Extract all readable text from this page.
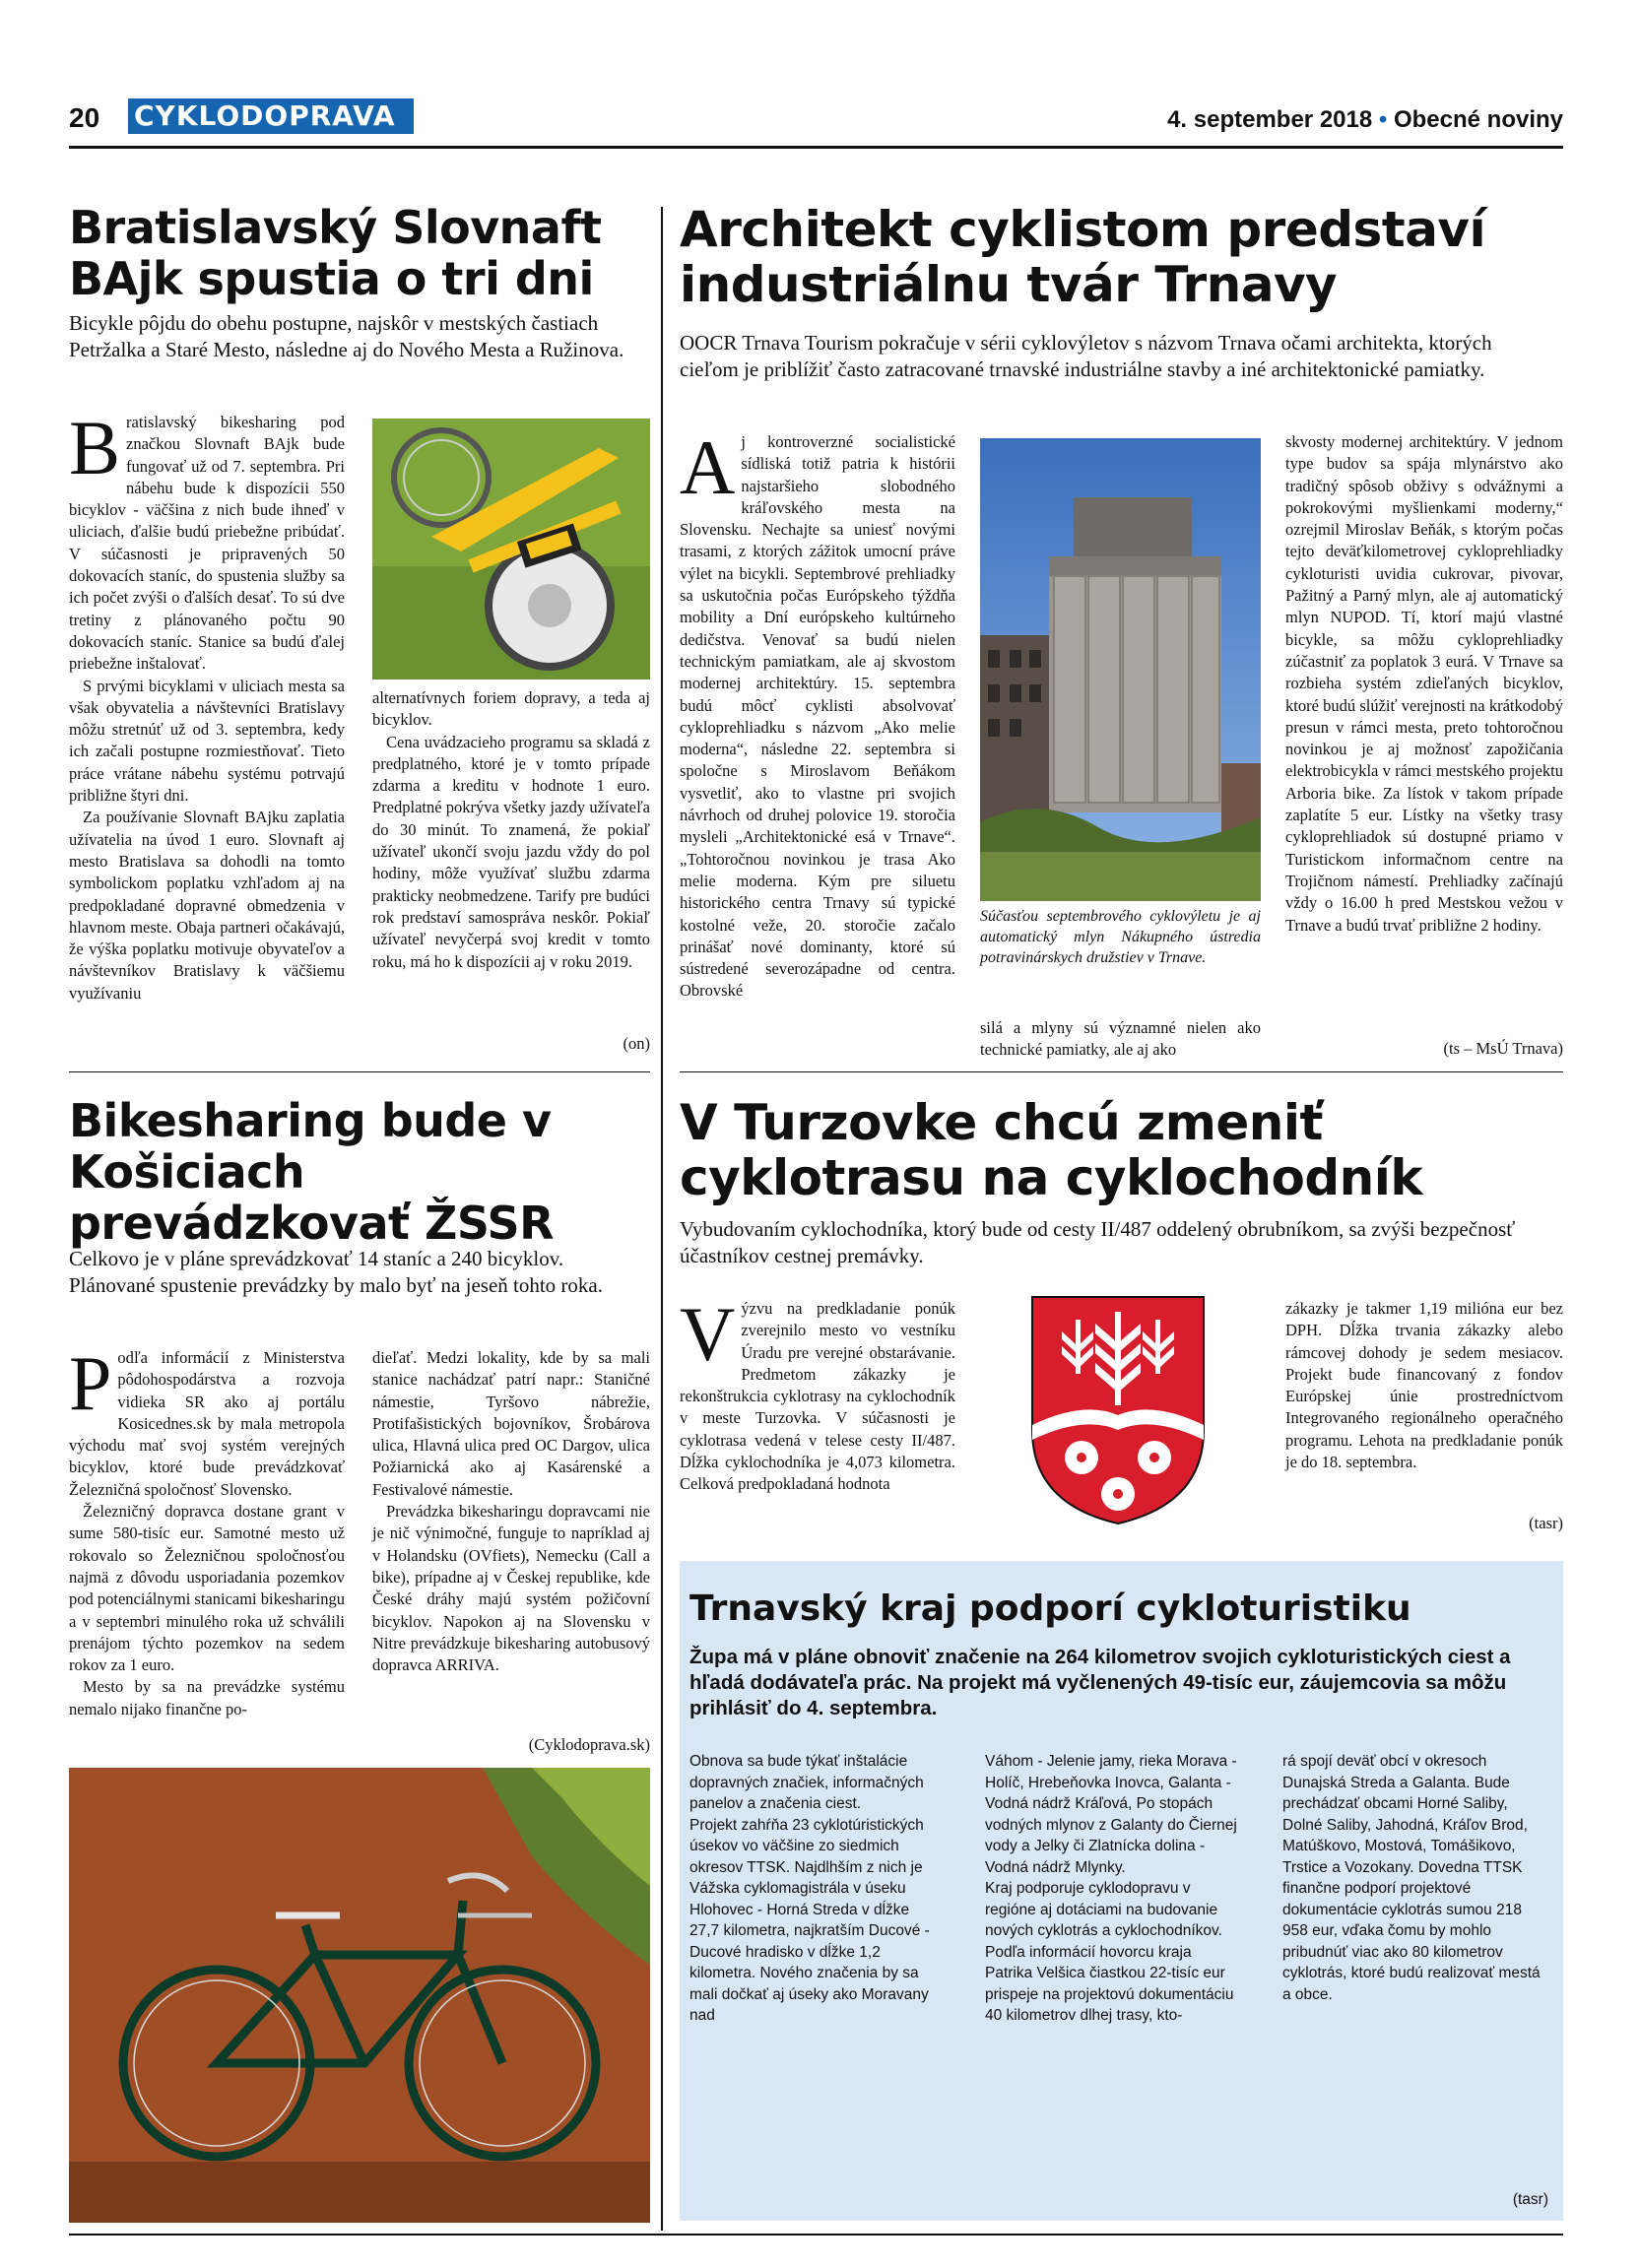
20 CYKLODOPRAVA	4. september 2018 • Obecné noviny
Bratislavský Slovnaft BAjk spustia o tri dni
Bicykle pôjdu do obehu postupne, najskôr v mestských častiach Petržalka a Staré Mesto, následne aj do Nového Mesta a Ružinova.
B ratislavský bikesharing pod značkou Slovnaft BAjk bude fungovať už od 7. septembra. Pri nábehu bude k dispozícii 550 bicyklov - väčšina z nich bude ihneď v uliciach, ďalšie budú priebežne pribúdať. V súčasnosti je pripravených 50 dokovacích staníc, do spustenia služby sa ich počet zvýši o ďalších desať. To sú dve tretiny z plánovaného počtu 90 dokovacích staníc. Stanice sa budú ďalej priebežne inštalovať.

S prvými bicyklami v uliciach mesta sa však obyvatelia a návštevníci Bratislavy môžu stretnúť už od 3. septembra, kedy ich začali postupne rozmiestňovať. Tieto práce vrátane nábehu systému potrvajú približne štyri dni.

Za používanie Slovnaft BAjku zaplatia užívatelia na úvod 1 euro. Slovnaft aj mesto Bratislava sa dohodli na tomto symbolickom poplatku vzhľadom aj na predpokladané dopravné obmedzenia v hlavnom meste. Obaja partneri očakávajú, že výška poplatku motivuje obyvateľov a návštevníkov Bratislavy k väčšiemu využívaniu

alternatívnych foriem dopravy, a teda aj bicyklov.

Cena uvádzacieho programu sa skladá z predplatného, ktoré je v tomto prípade zdarma a kreditu v hodnote 1 euro. Predplatné pokrýva všetky jazdy užívateľa do 30 minút. To znamená, že pokiaľ užívateľ ukončí svoju jazdu vždy do pol hodiny, môže využívať službu zdarma prakticky neobmedzene. Tarify pre budúci rok predstaví samospráva neskôr. Pokiaľ užívateľ nevyčerpá svoj kredit v tomto roku, má ho k dispozícii aj v roku 2019.

(on)
Architekt cyklistom predstaví industriálnu tvár Trnavy
OOCR Trnava Tourism pokračuje v sérii cyklovýletov s názvom Trnava očami architekta, ktorých cieľom je priblížiť často zatracované trnavské industriálne stavby a iné architektonické pamiatky.
A j kontroverzné socialistické sídliská totiž patria k histórii najstaršieho slobodného kráľovského mesta na Slovensku. Nechajte sa uniesť novými trasami, z ktorých zážitok umocní práve výlet na bicykli. Septembrové prehliadky sa uskutočnia počas Európskeho týždňa mobility a Dní európskeho kultúrneho dedičstva. Venovať sa budú nielen technickým pamiatkam, ale aj skvostom modernej architektúry. 15. septembra budú môcť cyklisti absolvovať cykloprehliadku s názvom „Ako melie moderna“, následne 22. septembra si spoločne s Miroslavom Beňákom vysvetliť, ako to vlastne pri svojich návrhoch od druhej polovice 19. storočia mysleli „Architektonické esá v Trnave“. „Tohtoročnou novinkou je trasa Ako melie moderna. Kým pre siluetu historického centra Trnavy sú typické kostolné veže, 20. storočie začalo prinášať nové dominanty, ktoré sú sústredené severozápadne od centra. Obrovské

Súčasťou septembrového cyklovýletu je aj automatický mlyn Nákupného ústredia potravinárskych družstiev v Trnave.

silá a mlyny sú významné nielen ako technické pamiatky, ale aj ako

skvosty modernej architektúry. V jednom type budov sa spája mlynárstvo ako tradičný spôsob obživy s odvážnymi a pokrokovými myšlienkami moderny,“ ozrejmil Miroslav Beňák, s ktorým počas tejto deväťkilometrovej cykloprehliadky cykloturisti uvidia cukrovar, pivovar, Pažitný a Parný mlyn, ale aj automatický mlyn NUPOD. Tí, ktorí majú vlastné bicykle, sa môžu cykloprehliadky zúčastniť za poplatok 3 eurá. V Trnave sa rozbieha systém zdieľaných bicyklov, ktoré budú slúžiť verejnosti na krátkodobý presun v rámci mesta, preto tohtoročnou novinkou je aj možnosť zapožičania elektrobicykla v rámci mestského projektu Arboria bike. Za lístok v takom prípade zaplatíte 5 eur. Lístky na všetky trasy cykloprehliadok sú dostupné priamo v Turistickom informačnom centre na Trojičnom námestí. Prehliadky začínajú vždy o 16.00 h pred Mestskou vežou v Trnave a budú trvať približne 2 hodiny.

(ts – MsÚ Trnava)
Bikesharing bude v Košiciach prevádzkovať ŽSSR
Celkovo je v pláne sprevádzkovať 14 staníc a 240 bicyklov. Plánované spustenie prevádzky by malo byť na jeseň tohto roka.
P odľa informácií z Ministerstva pôdohospodárstva a rozvoja vidieka SR ako aj portálu Kosicednes.sk by mala metropola východu mať svoj systém verejných bicyklov, ktoré bude prevádzkovať Železničná spoločnosť Slovensko.

Železničný dopravca dostane grant v sume 580-tisíc eur. Samotné mesto už rokovalo so Železničnou spoločnosťou najmä z dôvodu usporiadania pozemkov pod potenciálnymi stanicami bikesharingu a v septembri minulého roka už schválili prenájom týchto pozemkov na sedem rokov za 1 euro.

Mesto by sa na prevádzke systému nemalo nijako finančne po-

dieľať. Medzi lokality, kde by sa mali stanice nachádzať patrí napr.: Staničné námestie, Tyršovo nábrežie, Protifašistických bojovníkov, Šrobárova ulica, Hlavná ulica pred OC Dargov, ulica Požiarnická ako aj Kasárenské a Festivalové námestie.

Prevádzka bikesharingu dopravcami nie je nič výnimočné, funguje to napríklad aj v Holandsku (OVfiets), Nemecku (Call a bike), prípadne aj v Českej republike, kde České dráhy majú systém požičovní bicyklov. Napokon aj na Slovensku v Nitre prevádzkuje bikesharing autobusový dopravca ARRIVA.

(Cyklodoprava.sk)
V Turzovke chcú zmeniť cyklotrasu na cyklochodník
Vybudovaním cyklochodníka, ktorý bude od cesty II/487 oddelený obrubníkom, sa zvýši bezpečnosť účastníkov cestnej premávky.
V ýzvu na predkladanie ponúk zverejnilo mesto vo vestníku Úradu pre verejné obstarávanie. Predmetom zákazky je rekonštrukcia cyklotrasy na cyklochodník v meste Turzovka. V súčasnosti je cyklotrasa vedená v telese cesty II/487. Dĺžka cyklochodníka je 4,073 kilometra. Celková predpokladaná hodnota

zákazky je takmer 1,19 milióna eur bez DPH. Dĺžka trvania zákazky alebo rámcovej dohody je sedem mesiacov. Projekt bude financovaný z fondov Európskej únie prostredníctvom Integrovaného regionálneho operačného programu. Lehota na predkladanie ponúk je do 18. septembra.

(tasr)
Trnavský kraj podporí cykloturistiku
Župa má v pláne obnoviť značenie na 264 kilometrov svojich cykloturistických ciest a hľadá dodávateľa prác. Na projekt má vyčlenených 49-tisíc eur, záujemcovia sa môžu prihlásiť do 4. septembra.
Obnova sa bude týkať inštalácie dopravných značiek, informačných panelov a značenia ciest.
Projekt zahŕňa 23 cyklotúristických úsekov vo väčšine zo siedmich okresov TTSK. Najdlhším z nich je Vážska cyklomagistrála v úseku Hlohovec - Horná Streda v dĺžke 27,7 kilometra, najkratším Ducové - Ducové hradisko v dĺžke 1,2 kilometra. Nového značenia by sa mali dočkať aj úseky ako Moravany nad
Váhom - Jelenie jamy, rieka Morava - Holíč, Hrebeňovka Inovca, Galanta - Vodná nádrž Kráľová, Po stopách vodných mlynov z Galanty do Čiernej vody a Jelky či Zlatnícka dolina - Vodná nádrž Mlynky.
Kraj podporuje cyklodopravu v regióne aj dotáciami na budovanie nových cyklotrás a cyklochodníkov. Podľa informácií hovorcu kraja Patrika Velšica čiastkou 22-tisíc eur prispeje na projektovú dokumentáciu 40 kilometrov dlhej trasy, kto-
rá spojí deväť obcí v okresoch Dunajská Streda a Galanta. Bude prechádzať obcami Horné Saliby, Dolné Saliby, Jahodná, Kráľov Brod, Matúškovo, Mostová, Tomášikovo, Trstice a Vozokany. Dovedna TTSK finančne podporí projektové dokumentácie cyklotrás sumou 218 958 eur, vďaka čomu by mohlo pribudnúť viac ako 80 kilometrov cyklotrás, ktoré budú realizovať mestá a obce.
(tasr)
